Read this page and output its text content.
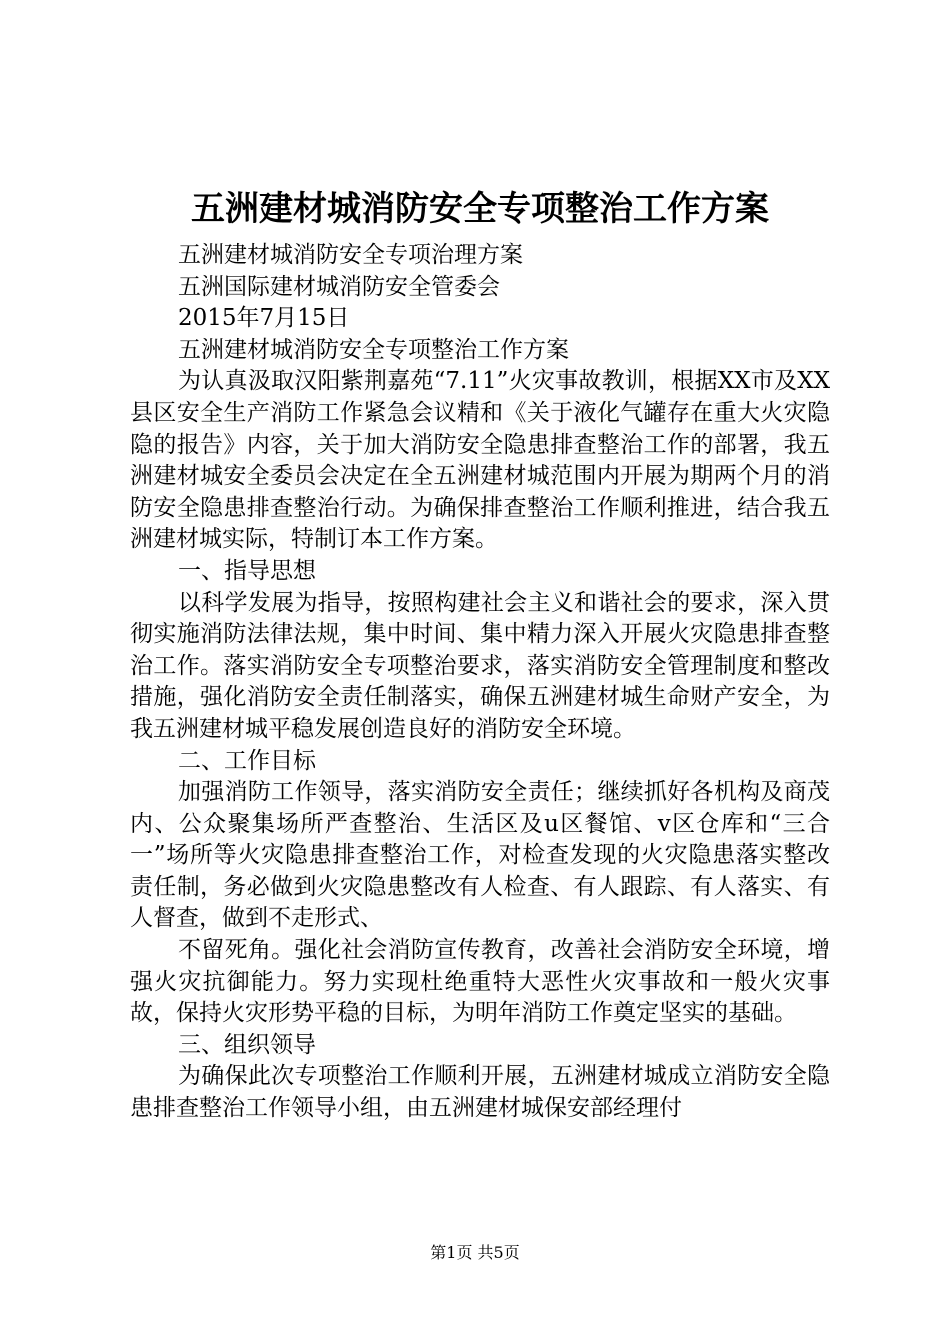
五洲建材城消防安全专项整治工作方案

五洲建材城消防安全专项治理方案

五洲国际建材城消防安全管委会

2015年7月15日

五洲建材城消防安全专项整治工作方案

为认真汲取汉阳紫荆嘉苑“7.11”火灾事故教训，根据XX市及XX县区安全生产消防工作紧急会议精和《关于液化气罐存在重大火灾隐隐的报告》内容，关于加大消防安全隐患排查整治工作的部署，我五洲建材城安全委员会决定在全五洲建材城范围内开展为期两个月的消防安全隐患排查整治行动。为确保排查整治工作顺利推进，结合我五洲建材城实际，特制订本工作方案。

一、指导思想

以科学发展为指导，按照构建社会主义和谐社会的要求，深入贯彻实施消防法律法规，集中时间、集中精力深入开展火灾隐患排查整治工作。落实消防安全专项整治要求，落实消防安全管理制度和整改措施，强化消防安全责任制落实，确保五洲建材城生命财产安全，为我五洲建材城平稳发展创造良好的消防安全环境。

二、工作目标

加强消防工作领导，落实消防安全责任；继续抓好各机构及商茂内、公众聚集场所严查整治、生活区及u区餐馆、v区仓库和“三合一”场所等火灾隐患排查整治工作，对检查发现的火灾隐患落实整改责任制，务必做到火灾隐患整改有人检查、有人跟踪、有人落实、有人督查，做到不走形式、

不留死角。强化社会消防宣传教育，改善社会消防安全环境，增强火灾抗御能力。努力实现杜绝重特大恶性火灾事故和一般火灾事故，保持火灾形势平稳的目标，为明年消防工作奠定坚实的基础。

三、组织领导

为确保此次专项整治工作顺利开展，五洲建材城成立消防安全隐患排查整治工作领导小组，由五洲建材城保安部经理付

第1页 共5页
